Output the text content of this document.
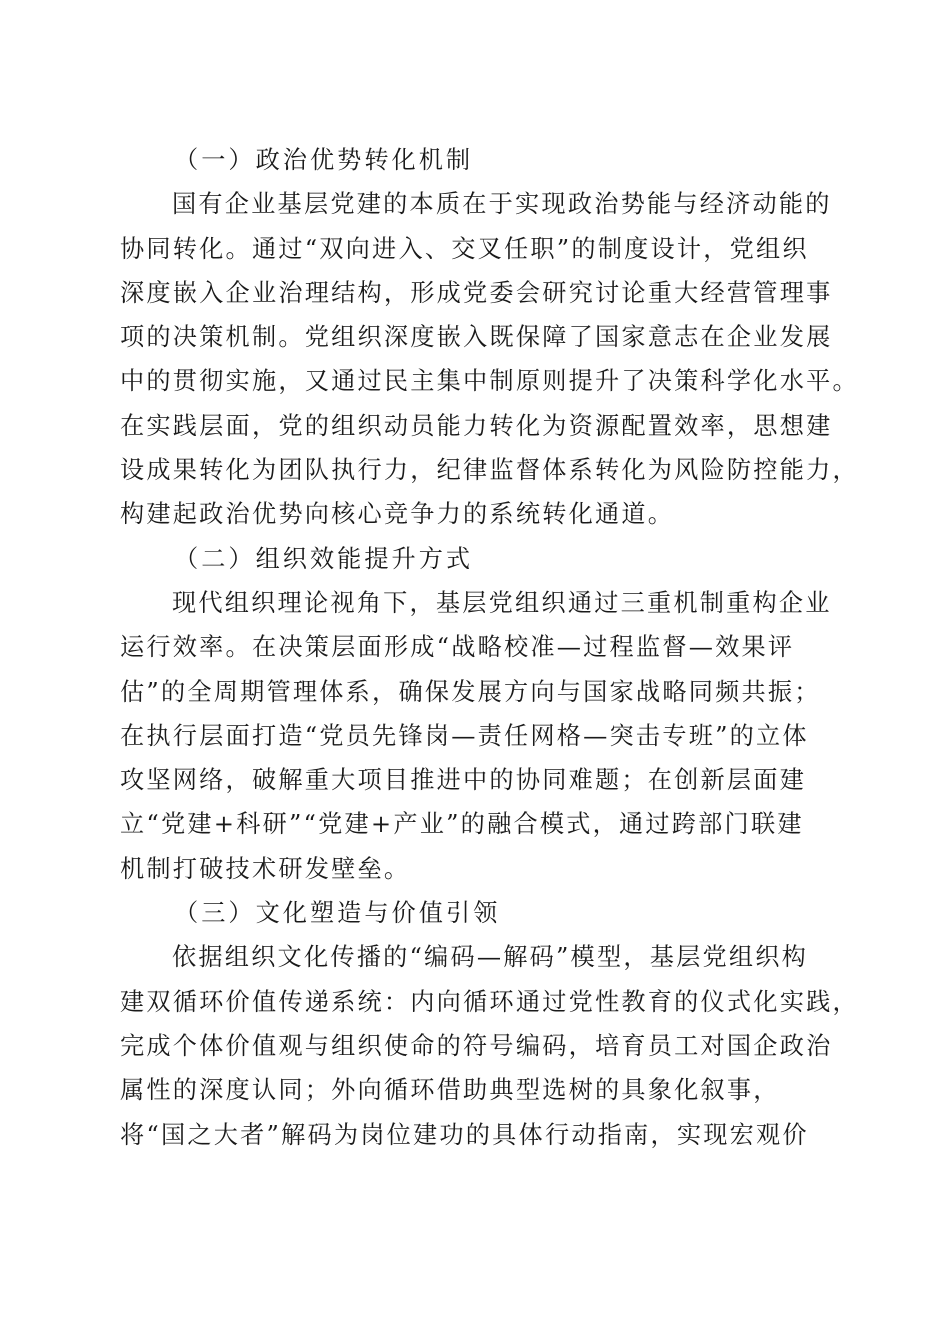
（一）政治优势转化机制
国有企业基层党建的本质在于实现政治势能与经济动能的
协同转化。通过“双向进入、交叉任职”的制度设计，党组织
深度嵌入企业治理结构，形成党委会研究讨论重大经营管理事
项的决策机制。党组织深度嵌入既保障了国家意志在企业发展
中的贯彻实施，又通过民主集中制原则提升了决策科学化水平。
在实践层面，党的组织动员能力转化为资源配置效率，思想建
设成果转化为团队执行力，纪律监督体系转化为风险防控能力，
构建起政治优势向核心竞争力的系统转化通道。
（二）组织效能提升方式
现代组织理论视角下，基层党组织通过三重机制重构企业
运行效率。在决策层面形成“战略校准—过程监督—效果评
估”的全周期管理体系，确保发展方向与国家战略同频共振；
在执行层面打造“党员先锋岗—责任网格—突击专班”的立体
攻坚网络，破解重大项目推进中的协同难题；在创新层面建
立“党建+科研”“党建+产业”的融合模式，通过跨部门联建
机制打破技术研发壁垒。
（三）文化塑造与价值引领
依据组织文化传播的“编码—解码”模型，基层党组织构
建双循环价值传递系统：内向循环通过党性教育的仪式化实践，
完成个体价值观与组织使命的符号编码，培育员工对国企政治
属性的深度认同；外向循环借助典型选树的具象化叙事，
将“国之大者”解码为岗位建功的具体行动指南，实现宏观价
